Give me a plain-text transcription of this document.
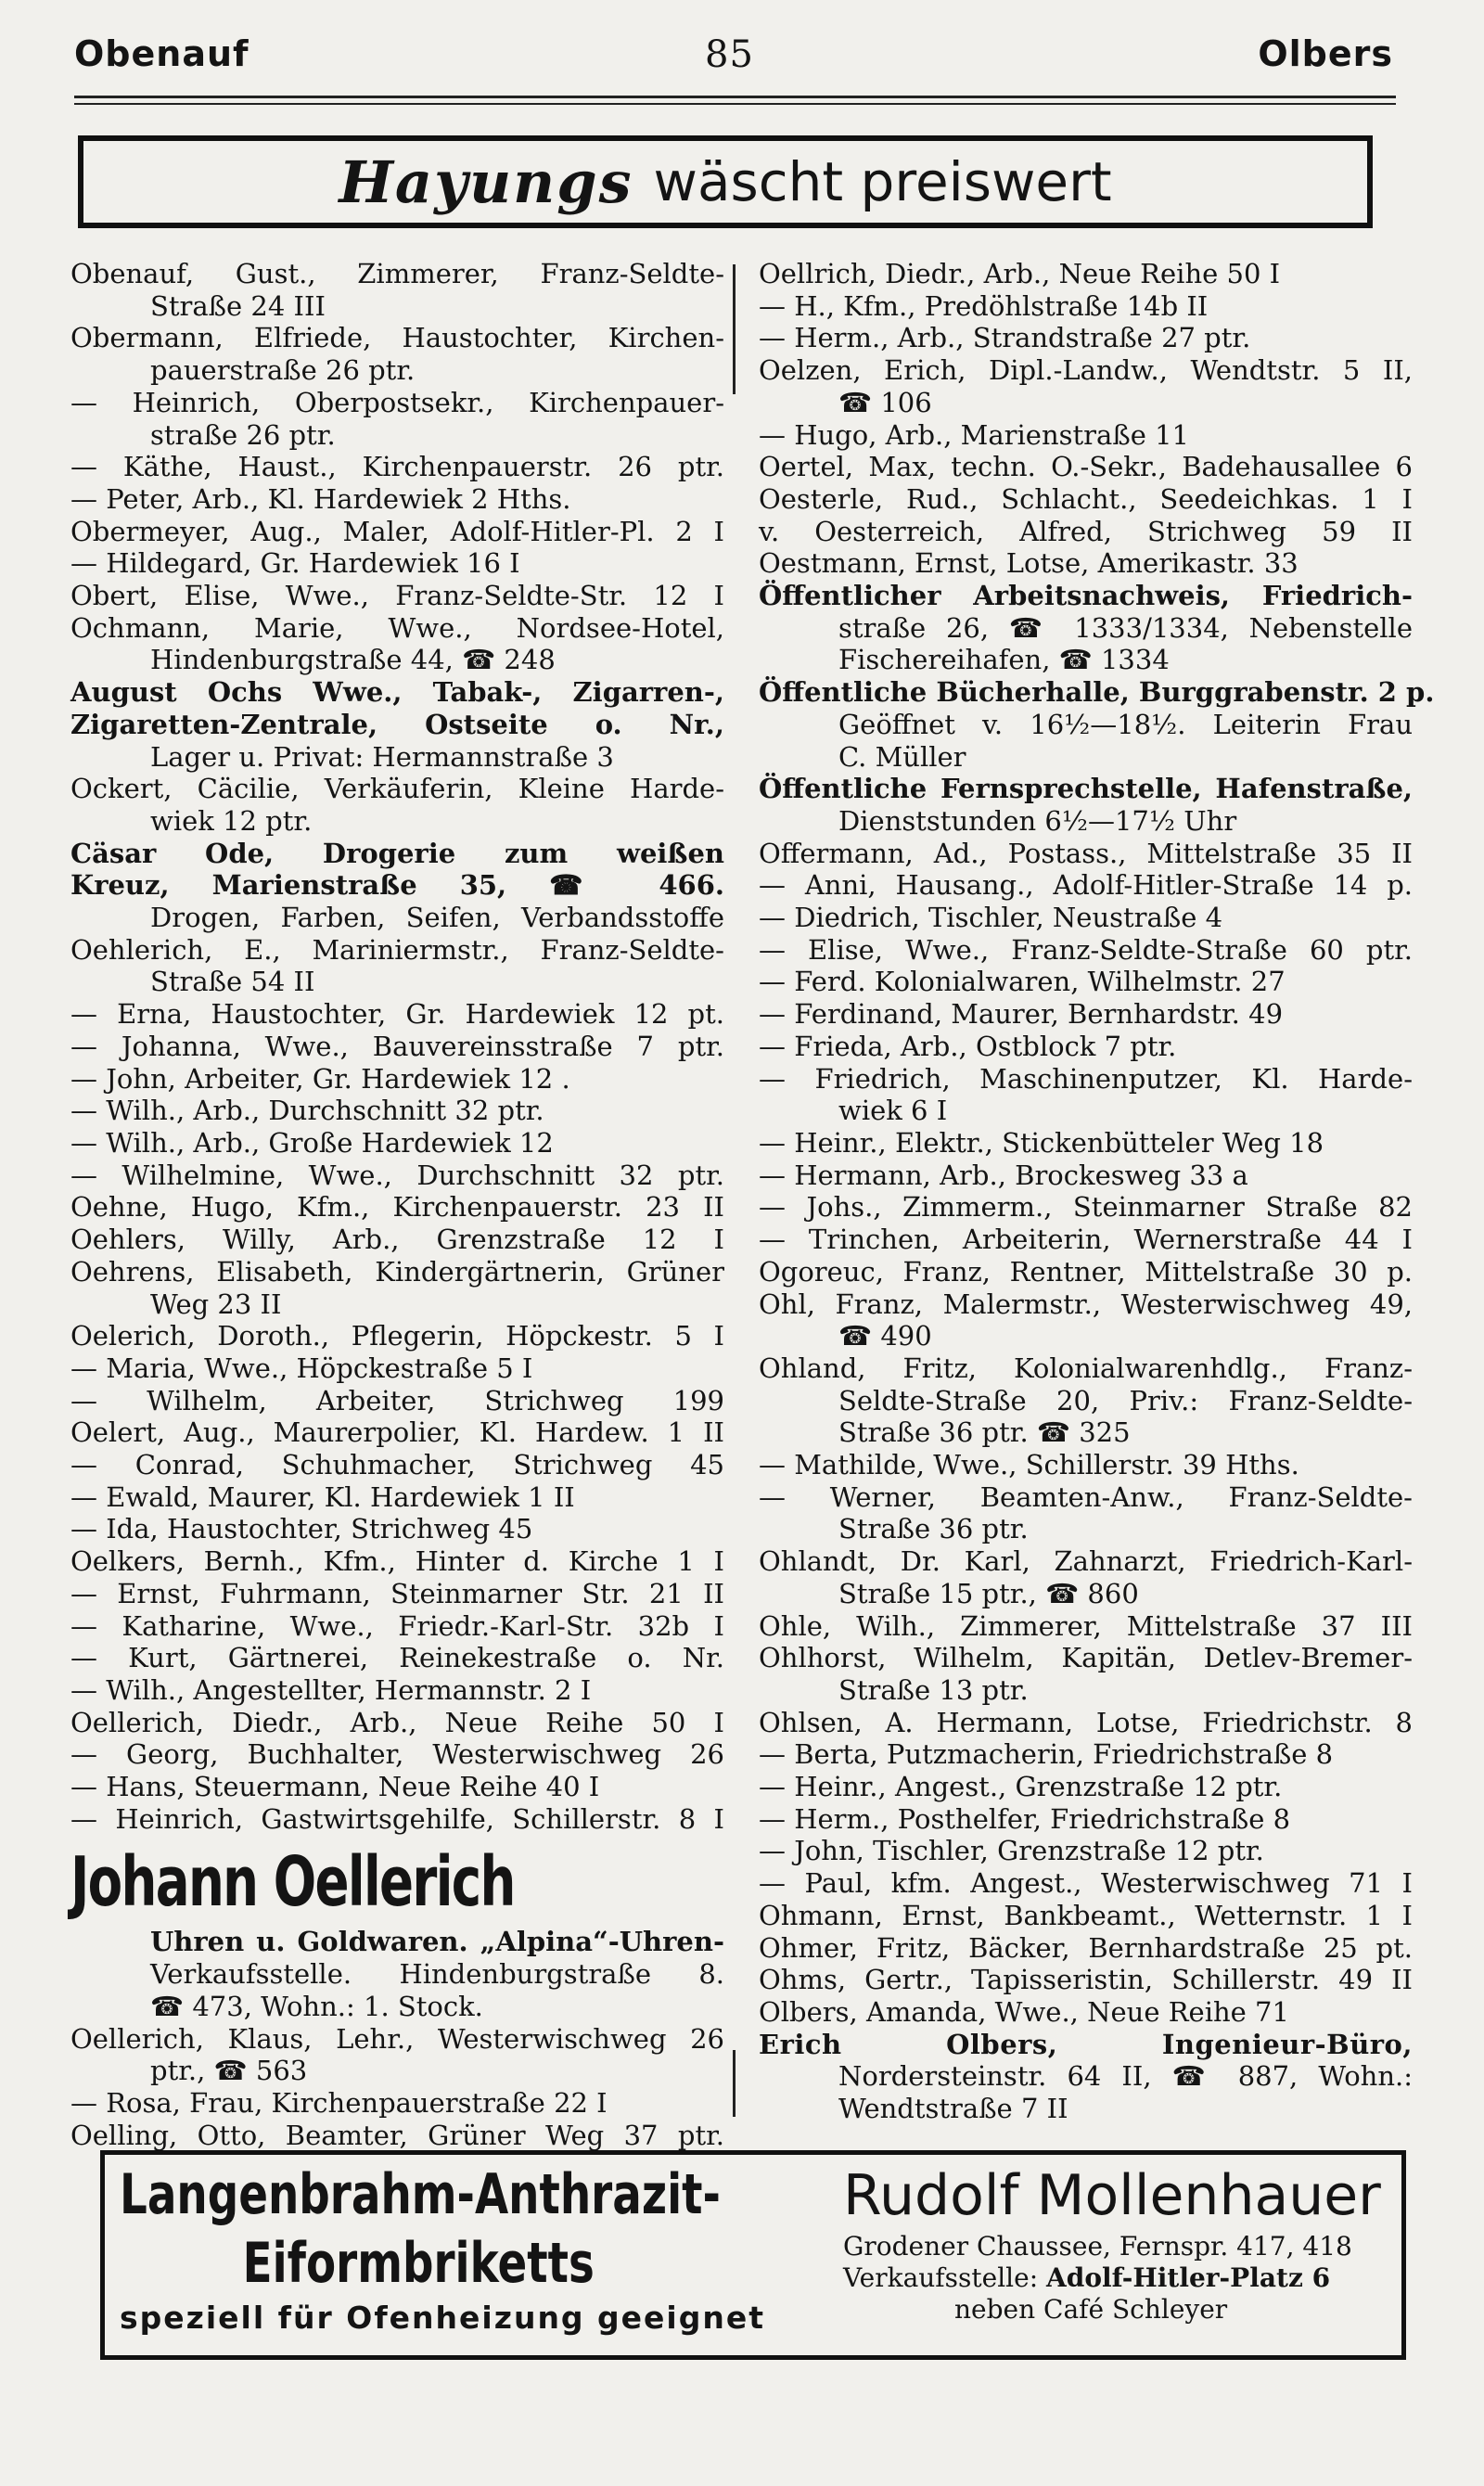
Obenauf	85	Olbers
Hayungs wäscht preiswert
Obenauf, Gust., Zimmerer, Franz-Seldte-
Straße 24 III
Obermann, Elfriede, Haustochter, Kirchen-
pauerstraße 26 ptr.
— Heinrich, Oberpostsekr., Kirchenpauer-
straße 26 ptr.
— Käthe, Haust., Kirchenpauerstr. 26 ptr.
— Peter, Arb., Kl. Hardewiek 2 Hths.
Obermeyer, Aug., Maler, Adolf-Hitler-Pl. 2 I
— Hildegard, Gr. Hardewiek 16 I
Obert, Elise, Wwe., Franz-Seldte-Str. 12 I
Ochmann, Marie, Wwe., Nordsee-Hotel,
Hindenburgstraße 44, ☎ 248
August Ochs Wwe., Tabak-, Zigarren-,
Zigaretten-Zentrale, Ostseite o. Nr.,
Lager u. Privat: Hermannstraße 3
Ockert, Cäcilie, Verkäuferin, Kleine Harde-
wiek 12 ptr.
Cäsar Ode, Drogerie zum weißen
Kreuz, Marienstraße 35, ☎ 466.
Drogen, Farben, Seifen, Verbandsstoffe
Oehlerich, E., Mariniermstr., Franz-Seldte-
Straße 54 II
— Erna, Haustochter, Gr. Hardewiek 12 pt.
— Johanna, Wwe., Bauvereinsstraße 7 ptr.
— John, Arbeiter, Gr. Hardewiek 12 .
— Wilh., Arb., Durchschnitt 32 ptr.
— Wilh., Arb., Große Hardewiek 12
— Wilhelmine, Wwe., Durchschnitt 32 ptr.
Oehne, Hugo, Kfm., Kirchenpauerstr. 23 II
Oehlers, Willy, Arb., Grenzstraße 12 I
Oehrens, Elisabeth, Kindergärtnerin, Grüner
Weg 23 II
Oelerich, Doroth., Pflegerin, Höpckestr. 5 I
— Maria, Wwe., Höpckestraße 5 I
— Wilhelm, Arbeiter, Strichweg 199
Oelert, Aug., Maurerpolier, Kl. Hardew. 1 II
— Conrad, Schuhmacher, Strichweg 45
— Ewald, Maurer, Kl. Hardewiek 1 II
— Ida, Haustochter, Strichweg 45
Oelkers, Bernh., Kfm., Hinter d. Kirche 1 I
— Ernst, Fuhrmann, Steinmarner Str. 21 II
— Katharine, Wwe., Friedr.-Karl-Str. 32b I
— Kurt, Gärtnerei, Reinekestraße o. Nr.
— Wilh., Angestellter, Hermannstr. 2 I
Oellerich, Diedr., Arb., Neue Reihe 50 I
— Georg, Buchhalter, Westerwischweg 26
— Hans, Steuermann, Neue Reihe 40 I
— Heinrich, Gastwirtsgehilfe, Schillerstr. 8 I
Johann Oellerich
Uhren u. Goldwaren. „Alpina“-Uhren-
Verkaufsstelle. Hindenburgstraße 8.
☎ 473, Wohn.: 1. Stock.
Oellerich, Klaus, Lehr., Westerwischweg 26
ptr., ☎ 563
— Rosa, Frau, Kirchenpauerstraße 22 I
Oelling, Otto, Beamter, Grüner Weg 37 ptr.
Oellrich, Diedr., Arb., Neue Reihe 50 I
— H., Kfm., Predöhlstraße 14b II
— Herm., Arb., Strandstraße 27 ptr.
Oelzen, Erich, Dipl.-Landw., Wendtstr. 5 II,
☎ 106
— Hugo, Arb., Marienstraße 11
Oertel, Max, techn. O.-Sekr., Badehausallee 6
Oesterle, Rud., Schlacht., Seedeichkas. 1 I
v. Oesterreich, Alfred, Strichweg 59 II
Oestmann, Ernst, Lotse, Amerikastr. 33
Öffentlicher Arbeitsnachweis, Friedrich-
straße 26, ☎ 1333/1334, Nebenstelle
Fischereihafen, ☎ 1334
Öffentliche Bücherhalle, Burggrabenstr. 2 p.
Geöffnet v. 16½—18½. Leiterin Frau
C. Müller
Öffentliche Fernsprechstelle, Hafenstraße,
Dienststunden 6½—17½ Uhr
Offermann, Ad., Postass., Mittelstraße 35 II
— Anni, Hausang., Adolf-Hitler-Straße 14 p.
— Diedrich, Tischler, Neustraße 4
— Elise, Wwe., Franz-Seldte-Straße 60 ptr.
— Ferd. Kolonialwaren, Wilhelmstr. 27
— Ferdinand, Maurer, Bernhardstr. 49
— Frieda, Arb., Ostblock 7 ptr.
— Friedrich, Maschinenputzer, Kl. Harde-
wiek 6 I
— Heinr., Elektr., Stickenbütteler Weg 18
— Hermann, Arb., Brockesweg 33 a
— Johs., Zimmerm., Steinmarner Straße 82
— Trinchen, Arbeiterin, Wernerstraße 44 I
Ogoreuc, Franz, Rentner, Mittelstraße 30 p.
Ohl, Franz, Malermstr., Westerwischweg 49,
☎ 490
Ohland, Fritz, Kolonialwarenhdlg., Franz-
Seldte-Straße 20, Priv.: Franz-Seldte-
Straße 36 ptr. ☎ 325
— Mathilde, Wwe., Schillerstr. 39 Hths.
— Werner, Beamten-Anw., Franz-Seldte-
Straße 36 ptr.
Ohlandt, Dr. Karl, Zahnarzt, Friedrich-Karl-
Straße 15 ptr., ☎ 860
Ohle, Wilh., Zimmerer, Mittelstraße 37 III
Ohlhorst, Wilhelm, Kapitän, Detlev-Bremer-
Straße 13 ptr.
Ohlsen, A. Hermann, Lotse, Friedrichstr. 8
— Berta, Putzmacherin, Friedrichstraße 8
— Heinr., Angest., Grenzstraße 12 ptr.
— Herm., Posthelfer, Friedrichstraße 8
— John, Tischler, Grenzstraße 12 ptr.
— Paul, kfm. Angest., Westerwischweg 71 I
Ohmann, Ernst, Bankbeamt., Wetternstr. 1 I
Ohmer, Fritz, Bäcker, Bernhardstraße 25 pt.
Ohms, Gertr., Tapisseristin, Schillerstr. 49 II
Olbers, Amanda, Wwe., Neue Reihe 71
Erich Olbers, Ingenieur-Büro,
Nordersteinstr. 64 II, ☎ 887, Wohn.:
Wendtstraße 7 II
Langenbrahm-Anthrazit-
Eiformbriketts
speziell für Ofenheizung geeignet
Rudolf Mollenhauer
Grodener Chaussee, Fernspr. 417, 418
Verkaufsstelle: Adolf-Hitler-Platz 6
neben Café Schleyer
